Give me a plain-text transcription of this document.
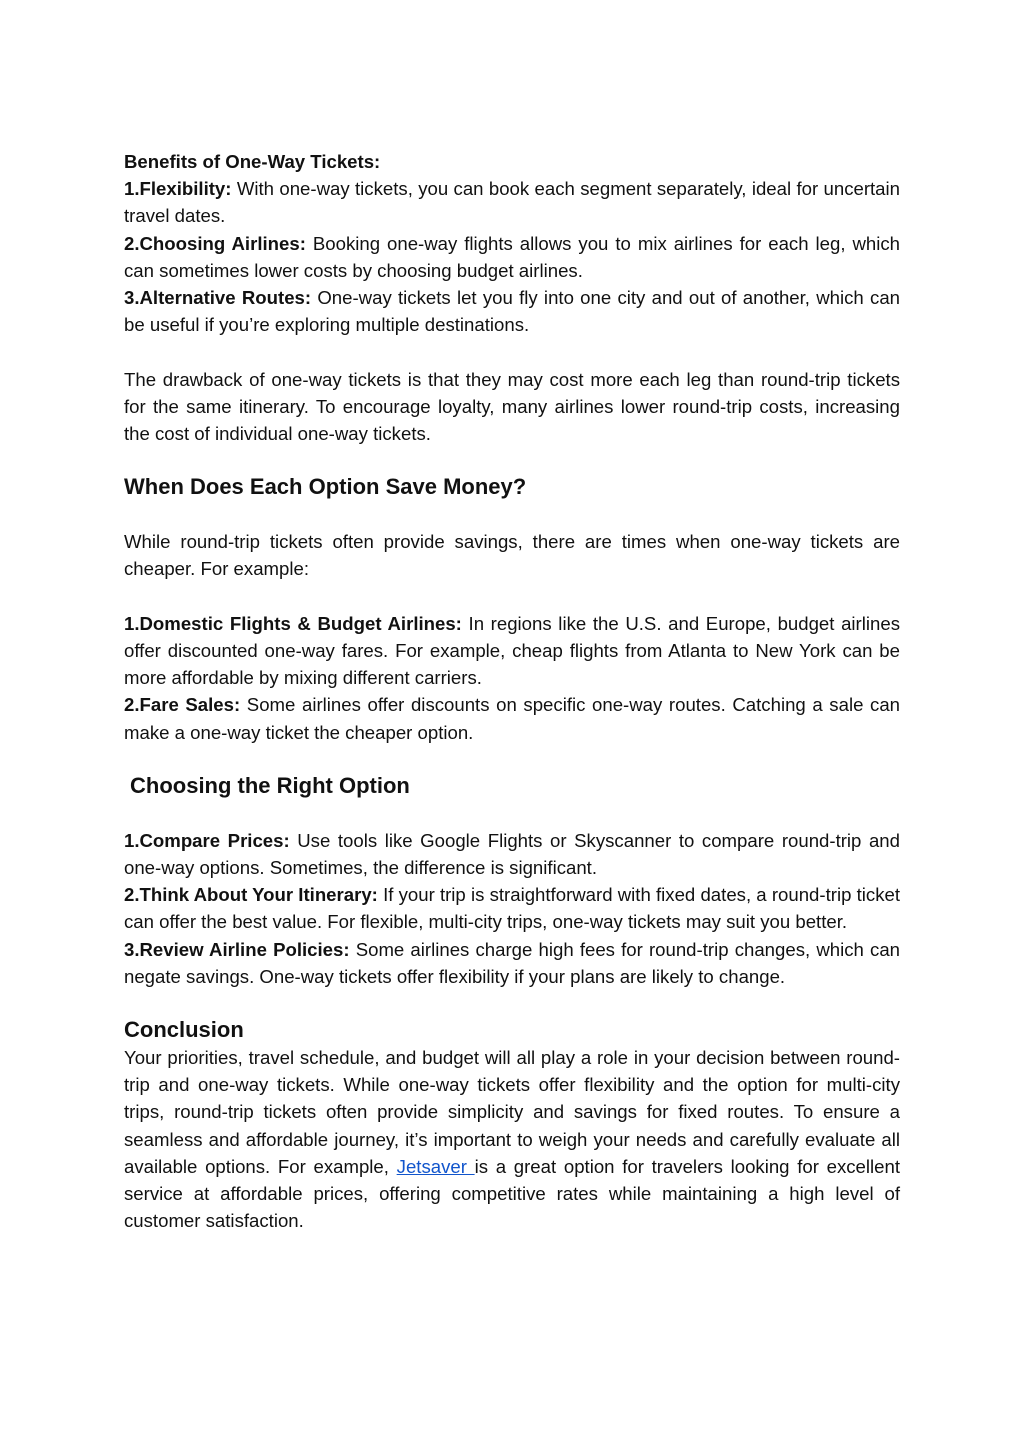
Benefits of One-Way Tickets:

1.Flexibility: With one-way tickets, you can book each segment separately, ideal for uncertain travel dates.

2.Choosing Airlines: Booking one-way flights allows you to mix airlines for each leg, which can sometimes lower costs by choosing budget airlines.

3.Alternative Routes: One-way tickets let you fly into one city and out of another, which can be useful if you’re exploring multiple destinations.

The drawback of one-way tickets is that they may cost more each leg than round-trip tickets for the same itinerary. To encourage loyalty, many airlines lower round-trip costs, increasing the cost of individual one-way tickets.

When Does Each Option Save Money?

While round-trip tickets often provide savings, there are times when one-way tickets are cheaper. For example:

1.Domestic Flights & Budget Airlines: In regions like the U.S. and Europe, budget airlines offer discounted one-way fares. For example, cheap flights from Atlanta to New York can be more affordable by mixing different carriers.

2.Fare Sales: Some airlines offer discounts on specific one-way routes. Catching a sale can make a one-way ticket the cheaper option.

Choosing the Right Option

1.Compare Prices: Use tools like Google Flights or Skyscanner to compare round-trip and one-way options. Sometimes, the difference is significant.

2.Think About Your Itinerary: If your trip is straightforward with fixed dates, a round-trip ticket can offer the best value. For flexible, multi-city trips, one-way tickets may suit you better.

3.Review Airline Policies: Some airlines charge high fees for round-trip changes, which can negate savings. One-way tickets offer flexibility if your plans are likely to change.

Conclusion

Your priorities, travel schedule, and budget will all play a role in your decision between round-trip and one-way tickets. While one-way tickets offer flexibility and the option for multi-city trips, round-trip tickets often provide simplicity and savings for fixed routes. To ensure a seamless and affordable journey, it’s important to weigh your needs and carefully evaluate all available options. For example, Jetsaver is a great option for travelers looking for excellent service at affordable prices, offering competitive rates while maintaining a high level of customer satisfaction.
